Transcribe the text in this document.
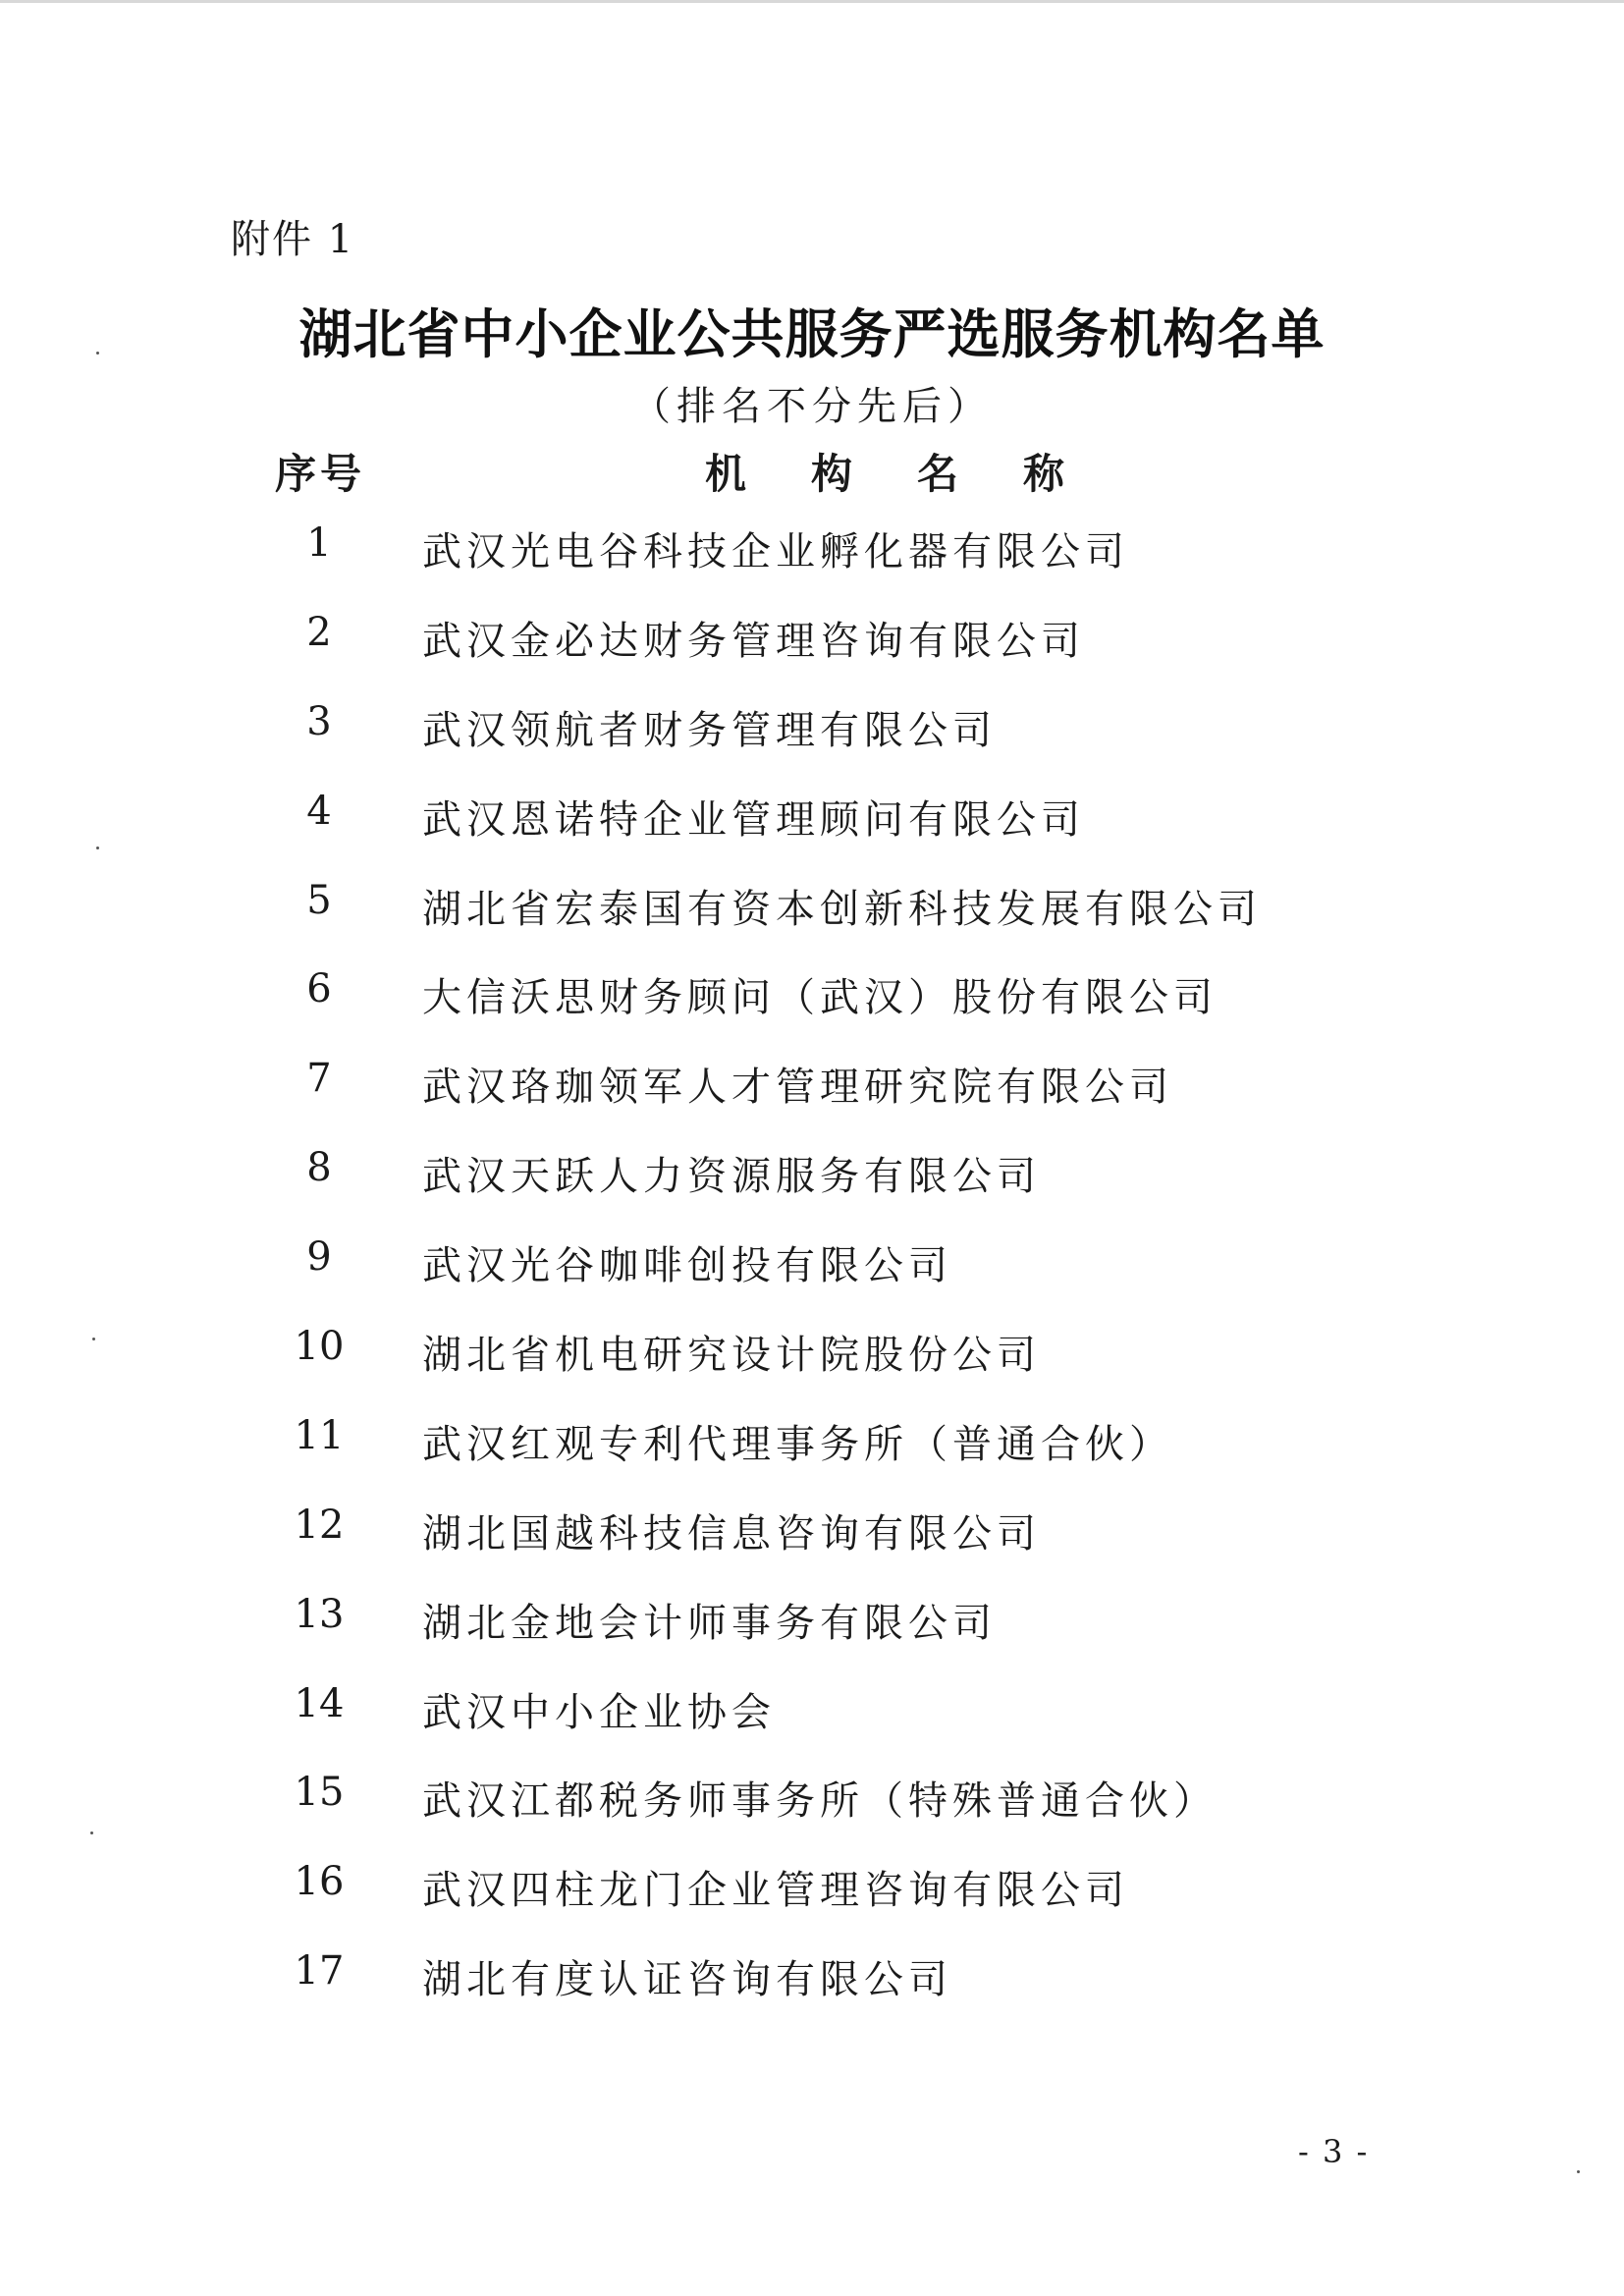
附件 1
湖北省中小企业公共服务严选服务机构名单
（排名不分先后）
序号	机构名称
1	武汉光电谷科技企业孵化器有限公司
2	武汉金必达财务管理咨询有限公司
3	武汉领航者财务管理有限公司
4	武汉恩诺特企业管理顾问有限公司
5	湖北省宏泰国有资本创新科技发展有限公司
6	大信沃思财务顾问（武汉）股份有限公司
7	武汉珞珈领军人才管理研究院有限公司
8	武汉天跃人力资源服务有限公司
9	武汉光谷咖啡创投有限公司
10	湖北省机电研究设计院股份公司
11	武汉红观专利代理事务所（普通合伙）
12	湖北国越科技信息咨询有限公司
13	湖北金地会计师事务有限公司
14	武汉中小企业协会
15	武汉江都税务师事务所（特殊普通合伙）
16	武汉四柱龙门企业管理咨询有限公司
17	湖北有度认证咨询有限公司
- 3 -
